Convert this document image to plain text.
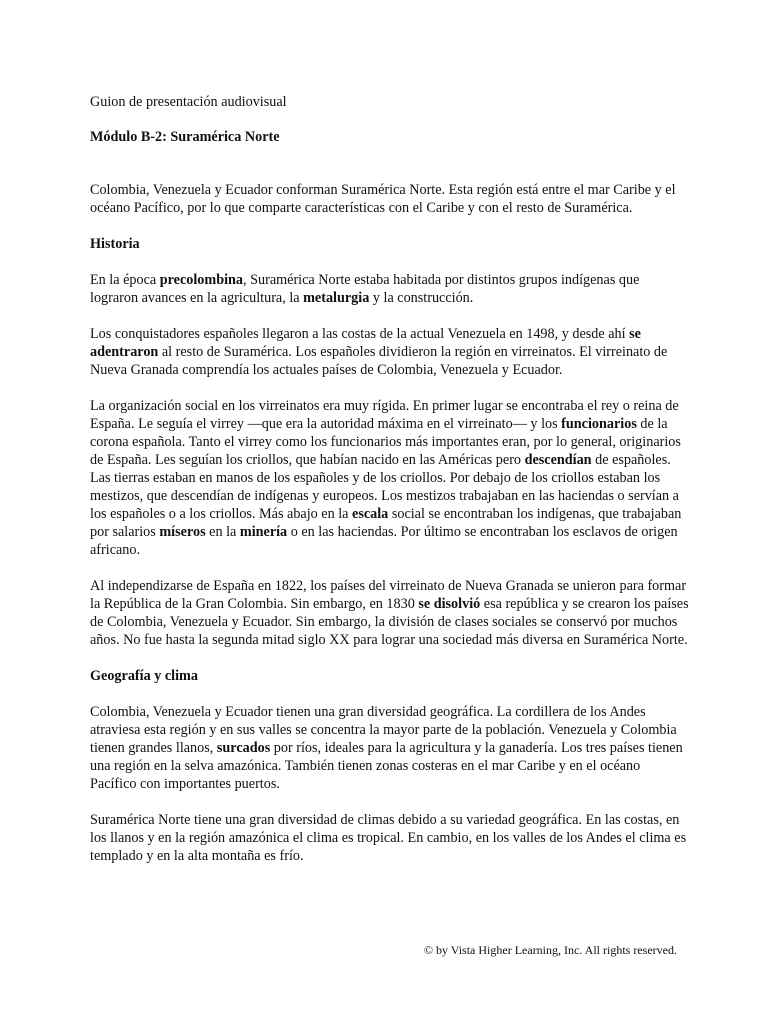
Guion de presentación audiovisual

Módulo B-2: Suramérica Norte

Colombia, Venezuela y Ecuador conforman Suramérica Norte. Esta región está entre el mar Caribe y el océano Pacífico, por lo que comparte características con el Caribe y con el resto de Suramérica.

Historia

En la época precolombina, Suramérica Norte estaba habitada por distintos grupos indígenas que lograron avances en la agricultura, la metalurgia y la construcción.

Los conquistadores españoles llegaron a las costas de la actual Venezuela en 1498, y desde ahí se adentraron al resto de Suramérica. Los españoles dividieron la región en virreinatos. El virreinato de Nueva Granada comprendía los actuales países de Colombia, Venezuela y Ecuador.

La organización social en los virreinatos era muy rígida. En primer lugar se encontraba el rey o reina de España. Le seguía el virrey —que era la autoridad máxima en el virreinato— y los funcionarios de la corona española. Tanto el virrey como los funcionarios más importantes eran, por lo general, originarios de España. Les seguían los criollos, que habían nacido en las Américas pero descendían de españoles. Las tierras estaban en manos de los españoles y de los criollos. Por debajo de los criollos estaban los mestizos, que descendían de indígenas y europeos. Los mestizos trabajaban en las haciendas o servían a los españoles o a los criollos. Más abajo en la escala social se encontraban los indígenas, que trabajaban por salarios míseros en la minería o en las haciendas. Por último se encontraban los esclavos de origen africano.

Al independizarse de España en 1822, los países del virreinato de Nueva Granada se unieron para formar la República de la Gran Colombia. Sin embargo, en 1830 se disolvió esa república y se crearon los países de Colombia, Venezuela y Ecuador. Sin embargo, la división de clases sociales se conservó por muchos años. No fue hasta la segunda mitad siglo XX para lograr una sociedad más diversa en Suramérica Norte.

Geografía y clima

Colombia, Venezuela y Ecuador tienen una gran diversidad geográfica. La cordillera de los Andes atraviesa esta región y en sus valles se concentra la mayor parte de la población. Venezuela y Colombia tienen grandes llanos, surcados por ríos, ideales para la agricultura y la ganadería. Los tres países tienen una región en la selva amazónica. También tienen zonas costeras en el mar Caribe y en el océano Pacífico con importantes puertos.

Suramérica Norte tiene una gran diversidad de climas debido a su variedad geográfica. En las costas, en los llanos y en la región amazónica el clima es tropical. En cambio, en los valles de los Andes el clima es templado y en la alta montaña es frío.

© by Vista Higher Learning, Inc. All rights reserved.
